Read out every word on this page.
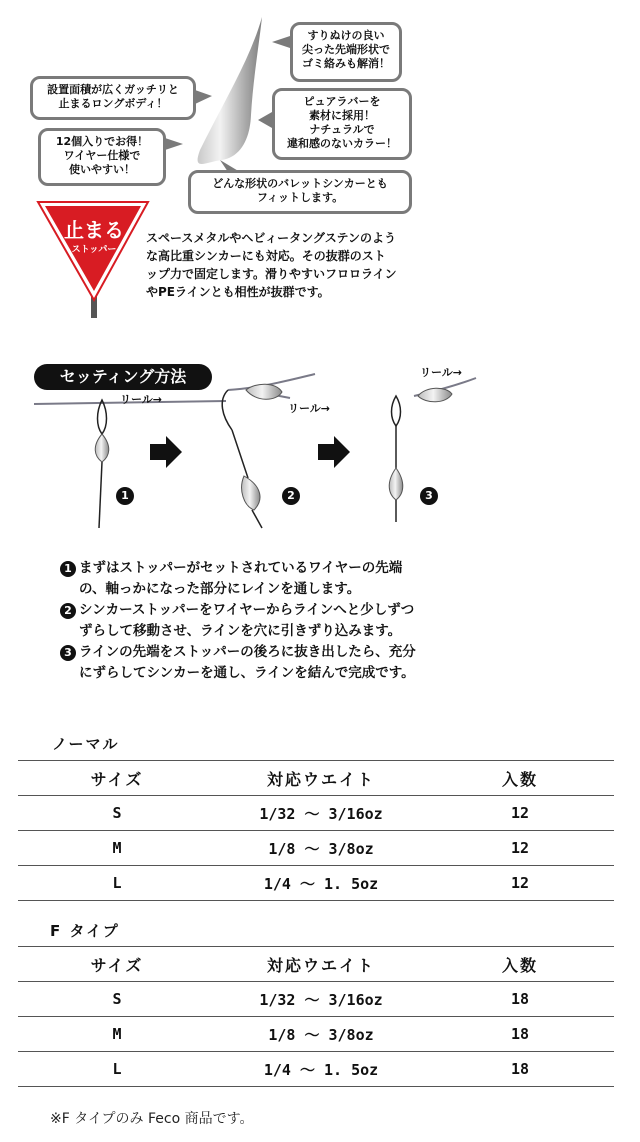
すりぬけの良い
尖った先端形状で
ゴミ絡みも解消！
設置面積が広くガッチリと
止まるロングボディ！	ピュアラバーを
素材に採用！
ナチュラルで
違和感のないカラー！
12個入りでお得！
ワイヤー仕様で
使いやすい！
どんな形状のバレットシンカーとも
フィットします。
止まる
ストッパー
スペースメタルやヘビィータングステンのよう
な高比重シンカーにも対応。その抜群のスト
ップ力で固定します。滑りやすいフロロライン
やPEラインとも相性が抜群です。
セッティング方法
リール→
リール→
リール→
1	2	3
1 まずはストッパーがセットされているワイヤーの先端
の、軸っかになった部分にレインを通します。
2 シンカーストッパーをワイヤーからラインへと少しずつ
ずらして移動させ、ラインを穴に引きずり込みます。
3 ラインの先端をストッパーの後ろに抜き出したら、充分
にずらしてシンカーを通し、ラインを結んで完成です。
ノーマル
サイズ	対応ウエイト	入数
S	1/32 〜 3/16oz	12
M	1/8 〜 3/8oz	12
L	1/4 〜 1. 5oz	12
F タイプ
サイズ	対応ウエイト	入数
S	1/32 〜 3/16oz	18
M	1/8 〜 3/8oz	18
L	1/4 〜 1. 5oz	18
※F タイプのみ Feco 商品です。
